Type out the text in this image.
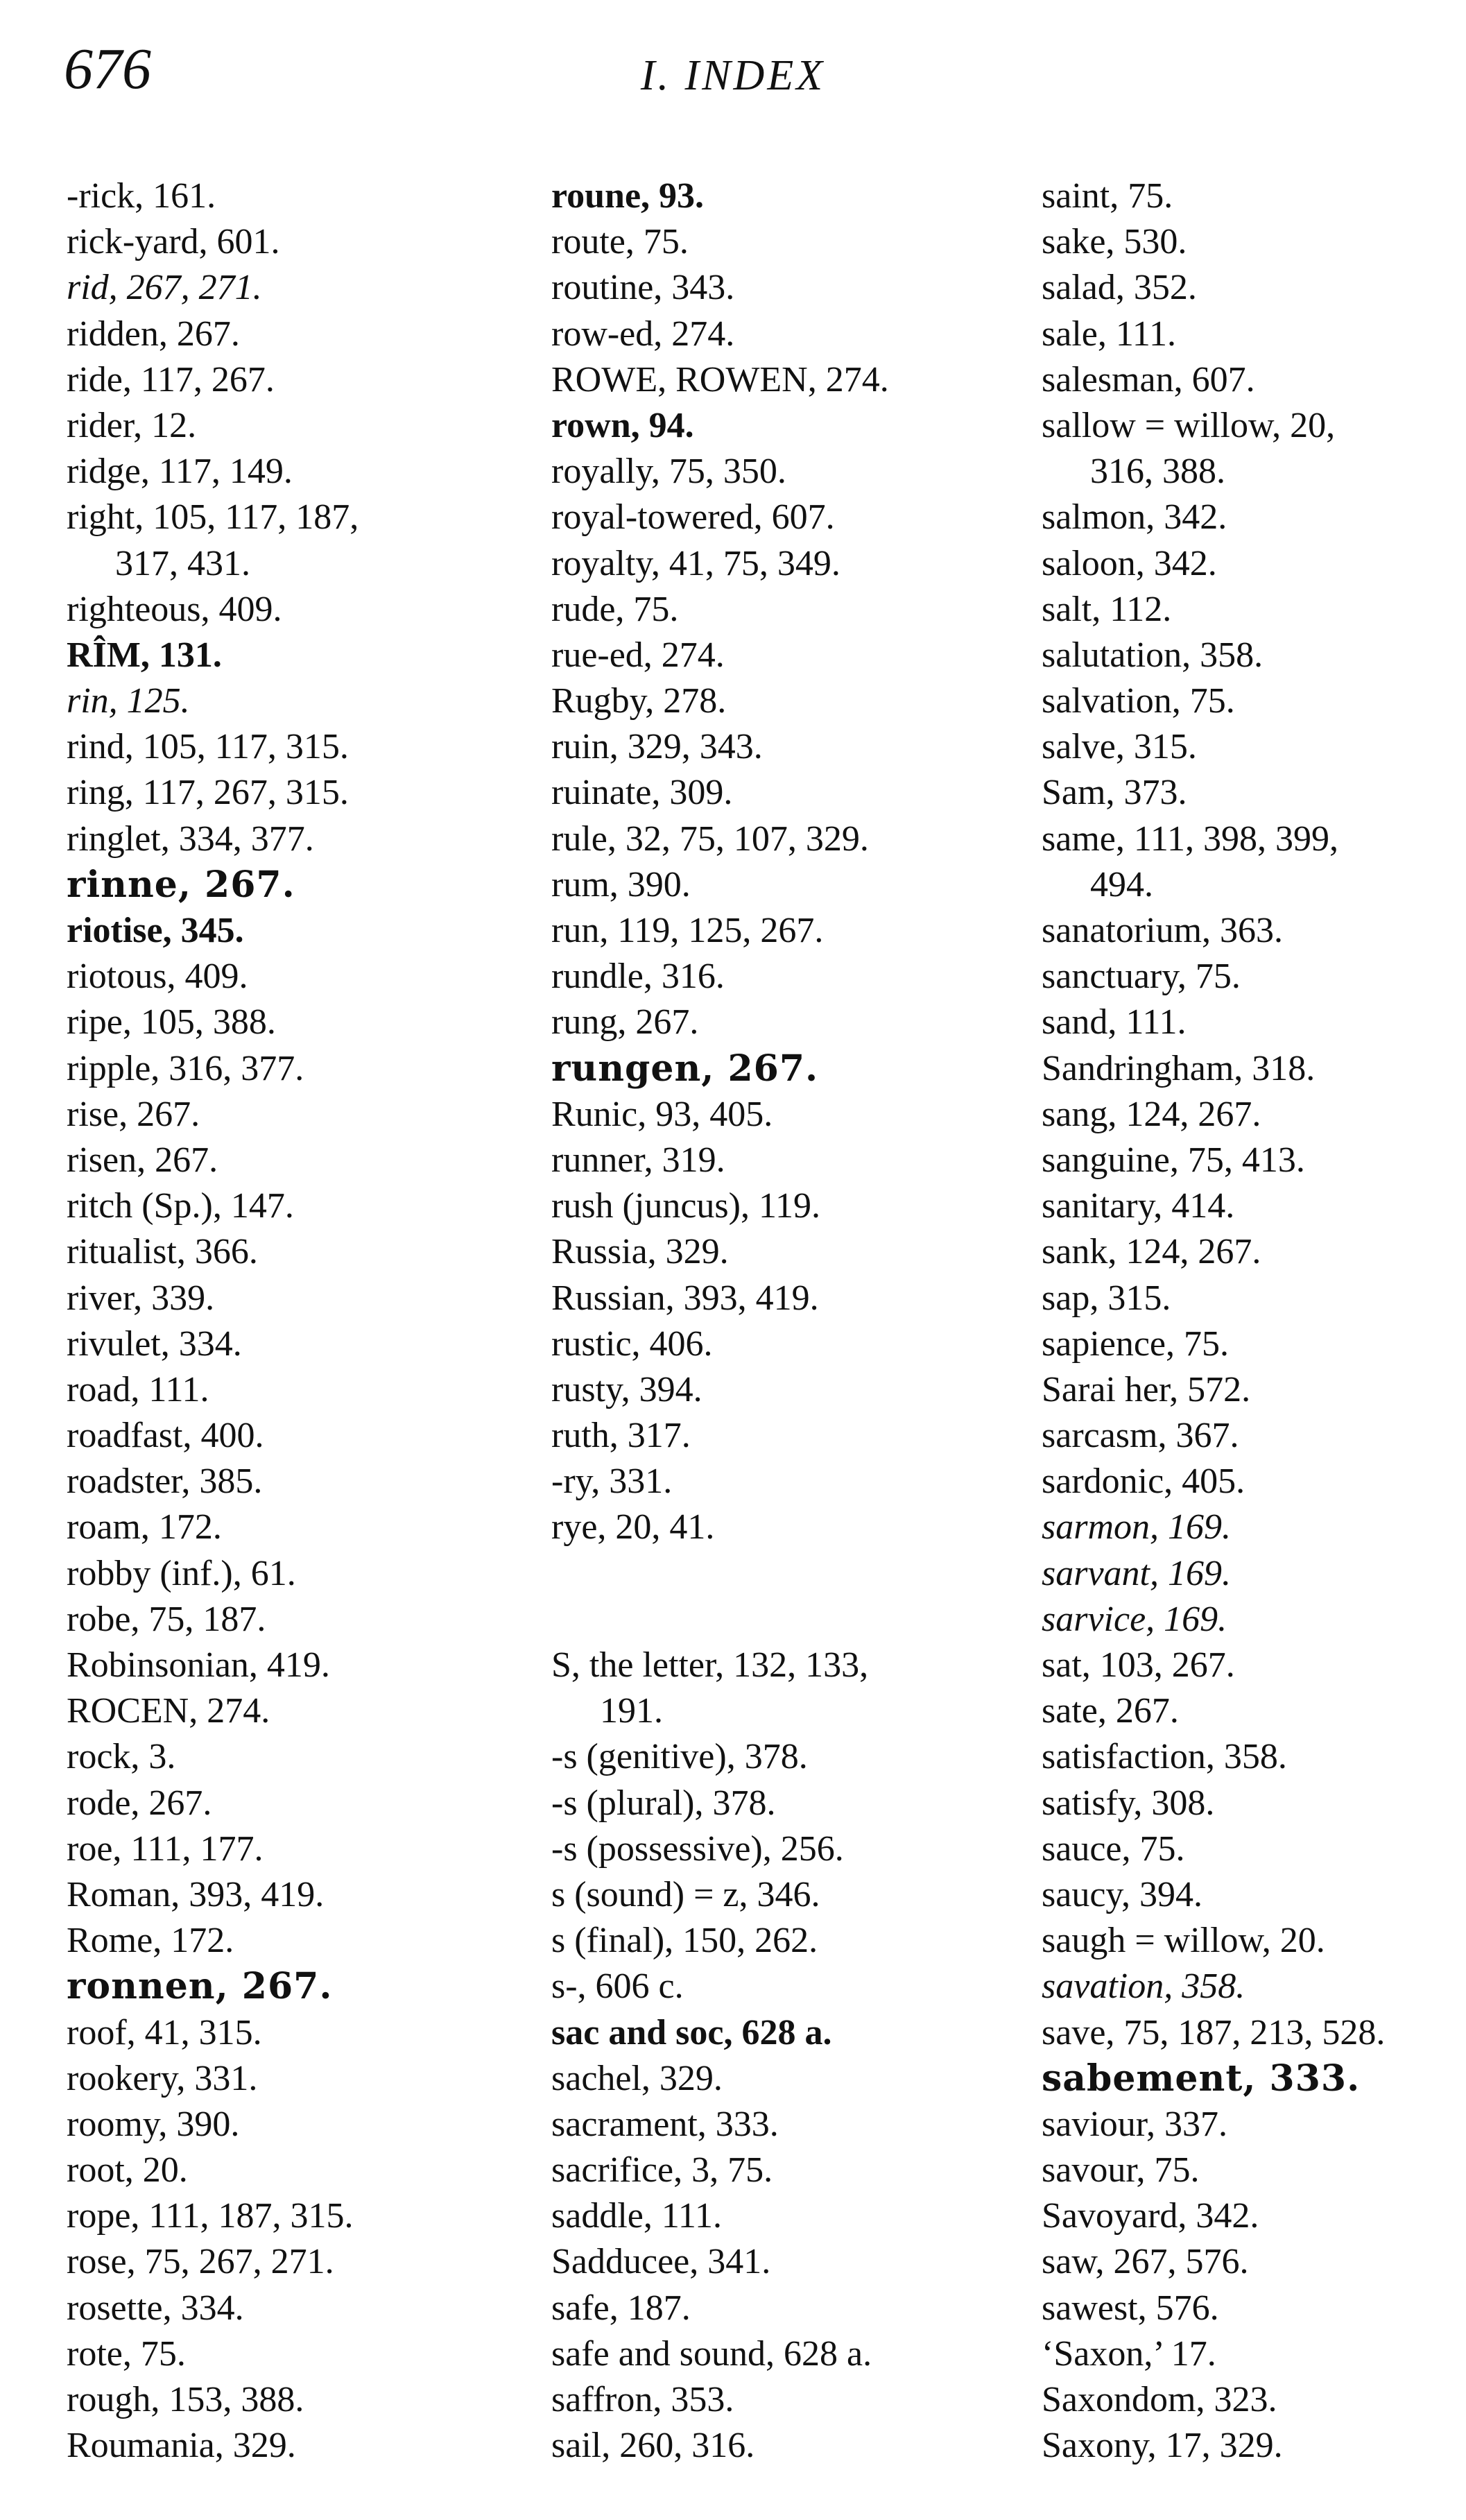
676	I. INDEX
-rick, 161.
rick-yard, 601.
rid, 267, 271.
ridden, 267.
ride, 117, 267.
rider, 12.
ridge, 117, 149.
right, 105, 117, 187,
317, 431.
righteous, 409.
RÎM, 131.
rin, 125.
rind, 105, 117, 315.
ring, 117, 267, 315.
ringlet, 334, 377.
rinne, 267.
riotise, 345.
riotous, 409.
ripe, 105, 388.
ripple, 316, 377.
rise, 267.
risen, 267.
ritch (Sp.), 147.
ritualist, 366.
river, 339.
rivulet, 334.
road, 111.
roadfast, 400.
roadster, 385.
roam, 172.
robby (inf.), 61.
robe, 75, 187.
Robinsonian, 419.
ROCEN, 274.
rock, 3.
rode, 267.
roe, 111, 177.
Roman, 393, 419.
Rome, 172.
ronnen, 267.
roof, 41, 315.
rookery, 331.
roomy, 390.
root, 20.
rope, 111, 187, 315.
rose, 75, 267, 271.
rosette, 334.
rote, 75.
rough, 153, 388.
Roumania, 329.
roune, 93.
route, 75.
routine, 343.
row-ed, 274.
ROWE, ROWEN, 274.
rown, 94.
royally, 75, 350.
royal-towered, 607.
royalty, 41, 75, 349.
rude, 75.
rue-ed, 274.
Rugby, 278.
ruin, 329, 343.
ruinate, 309.
rule, 32, 75, 107, 329.
rum, 390.
run, 119, 125, 267.
rundle, 316.
rung, 267.
rungen, 267.
Runic, 93, 405.
runner, 319.
rush (juncus), 119.
Russia, 329.
Russian, 393, 419.
rustic, 406.
rusty, 394.
ruth, 317.
-ry, 331.
rye, 20, 41.
S, the letter, 132, 133,
191.
-s (genitive), 378.
-s (plural), 378.
-s (possessive), 256.
s (sound) = z, 346.
s (final), 150, 262.
s-, 606 c.
sac and soc, 628 a.
sachel, 329.
sacrament, 333.
sacrifice, 3, 75.
saddle, 111.
Sadducee, 341.
safe, 187.
safe and sound, 628 a.
saffron, 353.
sail, 260, 316.
saint, 75.
sake, 530.
salad, 352.
sale, 111.
salesman, 607.
sallow = willow, 20,
316, 388.
salmon, 342.
saloon, 342.
salt, 112.
salutation, 358.
salvation, 75.
salve, 315.
Sam, 373.
same, 111, 398, 399,
494.
sanatorium, 363.
sanctuary, 75.
sand, 111.
Sandringham, 318.
sang, 124, 267.
sanguine, 75, 413.
sanitary, 414.
sank, 124, 267.
sap, 315.
sapience, 75.
Sarai her, 572.
sarcasm, 367.
sardonic, 405.
sarmon, 169.
sarvant, 169.
sarvice, 169.
sat, 103, 267.
sate, 267.
satisfaction, 358.
satisfy, 308.
sauce, 75.
saucy, 394.
saugh = willow, 20.
savation, 358.
save, 75, 187, 213, 528.
sabement, 333.
saviour, 337.
savour, 75.
Savoyard, 342.
saw, 267, 576.
sawest, 576.
‘Saxon,’ 17.
Saxondom, 323.
Saxony, 17, 329.
